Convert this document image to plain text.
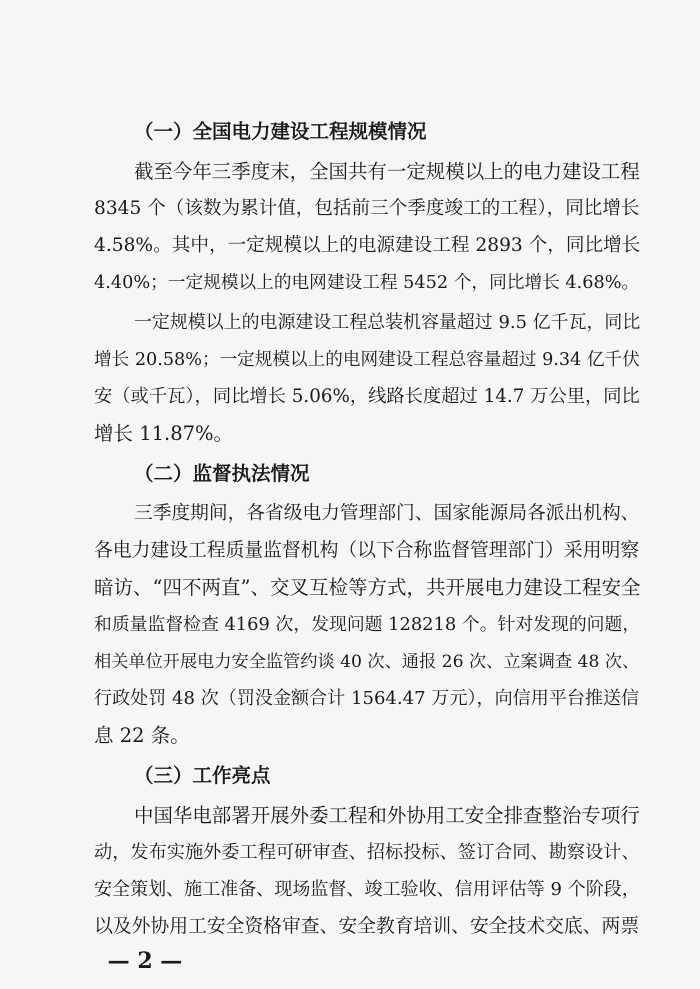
（一）全国电力建设工程规模情况

截至今年三季度末，全国共有一定规模以上的电力建设工程

8345 个（该数为累计值，包括前三个季度竣工的工程），同比增长

4.58%。其中，一定规模以上的电源建设工程 2893 个，同比增长

4.40%；一定规模以上的电网建设工程 5452 个，同比增长 4.68%。

一定规模以上的电源建设工程总装机容量超过 9.5 亿千瓦，同比

增长 20.58%；一定规模以上的电网建设工程总容量超过 9.34 亿千伏

安（或千瓦），同比增长 5.06%，线路长度超过 14.7 万公里，同比

增长 11.87%。

（二）监督执法情况

三季度期间，各省级电力管理部门、国家能源局各派出机构、

各电力建设工程质量监督机构（以下合称监督管理部门）采用明察

暗访、“四不两直”、交叉互检等方式，共开展电力建设工程安全

和质量监督检查 4169 次，发现问题 128218 个。针对发现的问题，

相关单位开展电力安全监管约谈 40 次、通报 26 次、立案调查 48 次、

行政处罚 48 次（罚没金额合计 1564.47 万元），向信用平台推送信

息 22 条。

（三）工作亮点

中国华电部署开展外委工程和外协用工安全排查整治专项行

动，发布实施外委工程可研审查、招标投标、签订合同、勘察设计、

安全策划、施工准备、现场监督、竣工验收、信用评估等 9 个阶段，

以及外协用工安全资格审查、安全教育培训、安全技术交底、两票

— 2 —
